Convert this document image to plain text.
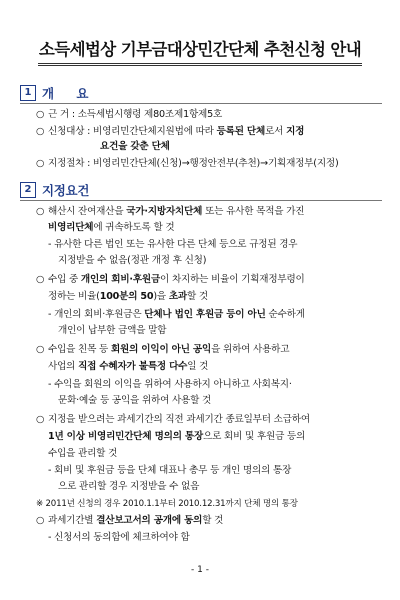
소득세법상 기부금대상민간단체 추천신청 안내
1 개 요
○ 근 거 : 소득세법시행령 제80조제1항제5호
○ 신청대상 : 비영리민간단체지원법에 따라 등록된 단체로서 지정
요건을 갖춘 단체
○ 지정절차 : 비영리민간단체(신청)→행정안전부(추천)→기획재정부(지정)
2 지정요건
○ 해산시 잔여재산을 국가·지방자치단체 또는 유사한 목적을 가진
비영리단체에 귀속하도록 할 것
- 유사한 다른 법인 또는 유사한 다른 단체 등으로 규정된 경우
지정받을 수 없음(정관 개정 후 신청)
○ 수입 중 개인의 회비·후원금이 차지하는 비율이 기획재정부령이
정하는 비율(100분의 50)을 초과할 것
- 개인의 회비·후원금은 단체나 법인 후원금 등이 아닌 순수하게
개인이 납부한 금액을 말함
○ 수입을 친목 등 회원의 이익이 아닌 공익을 위하여 사용하고
사업의 직접 수혜자가 불특정 다수일 것
- 수익을 회원의 이익을 위하여 사용하지 아니하고 사회복지·
문화·예술 등 공익을 위하여 사용할 것
○ 지정을 받으려는 과세기간의 직전 과세기간 종료일부터 소급하여
1년 이상 비영리민간단체 명의의 통장으로 회비 및 후원금 등의
수입을 관리할 것
- 회비 및 후원금 등을 단체 대표나 총무 등 개인 명의의 통장
으로 관리할 경우 지정받을 수 없음
※ 2011년 신청의 경우 2010.1.1부터 2010.12.31까지 단체 명의 통장
○ 과세기간별 결산보고서의 공개에 동의할 것
- 신청서의 동의함에 체크하여야 함
- 1 -
